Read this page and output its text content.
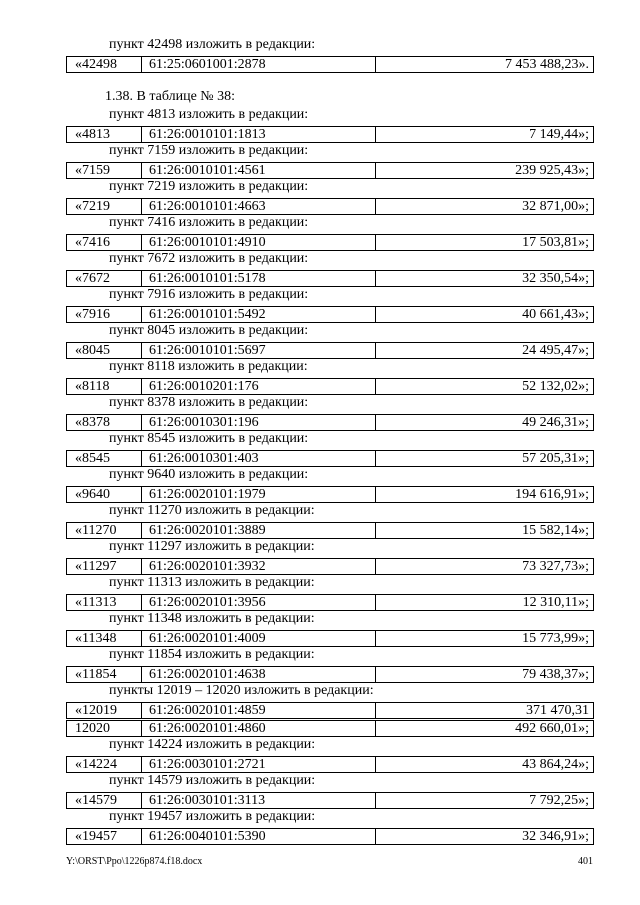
пункт 42498 изложить в редакции:
«42498 61:25:0601001:2878	7 453 488,23».
1.38. В таблице № 38:
пункт 4813 изложить в редакции:
«4813	61:26:0010101:1813	7 149,44»;
пункт 7159 изложить в редакции:
«7159	61:26:0010101:4561	239 925,43»;
пункт 7219 изложить в редакции:
«7219	61:26:0010101:4663	32 871,00»;
пункт 7416 изложить в редакции:
«7416	61:26:0010101:4910	17 503,81»;
пункт 7672 изложить в редакции:
«7672	61:26:0010101:5178	32 350,54»;
пункт 7916 изложить в редакции:
«7916	61:26:0010101:5492	40 661,43»;
пункт 8045 изложить в редакции:
«8045	61:26:0010101:5697	24 495,47»;
пункт 8118 изложить в редакции:
«8118	61:26:0010201:176	52 132,02»;
пункт 8378 изложить в редакции:
«8378	61:26:0010301:196	49 246,31»;
пункт 8545 изложить в редакции:
«8545	61:26:0010301:403	57 205,31»;
пункт 9640 изложить в редакции:
«9640	61:26:0020101:1979	194 616,91»;
пункт 11270 изложить в редакции:
«11270 61:26:0020101:3889	15 582,14»;
пункт 11297 изложить в редакции:
«11297 61:26:0020101:3932	73 327,73»;
пункт 11313 изложить в редакции:
«11313 61:26:0020101:3956	12 310,11»;
пункт 11348 изложить в редакции:
«11348 61:26:0020101:4009	15 773,99»;
пункт 11854 изложить в редакции:
«11854 61:26:0020101:4638	79 438,37»;
пункты 12019 – 12020 изложить в редакции:
«12019 61:26:0020101:4859	371 470,31
12020	61:26:0020101:4860	492 660,01»;
пункт 14224 изложить в редакции:
«14224 61:26:0030101:2721	43 864,24»;
пункт 14579 изложить в редакции:
«14579 61:26:0030101:3113	7 792,25»;
пункт 19457 изложить в редакции:
«19457 61:26:0040101:5390	32 346,91»;
Y:\ORST\Ppo\1226p874.f18.docx	401
